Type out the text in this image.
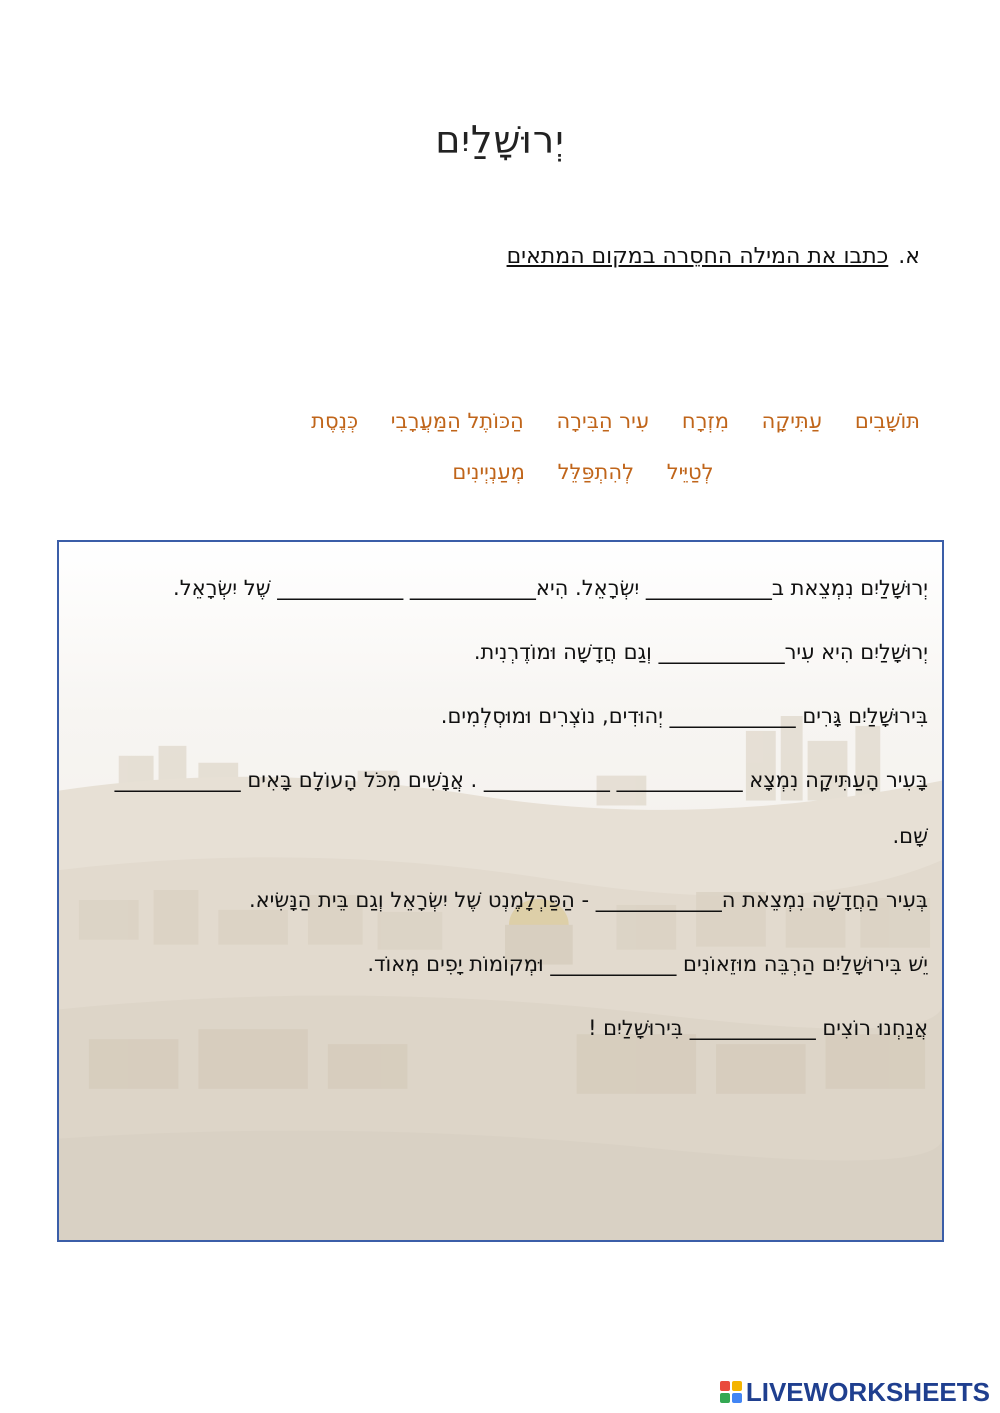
יְרוּשָׁלַיִם
א.כתבו את המילה החסֵרה במקום המתאים
תּוֹשָׁבִים עַתִּיקָה מִזְרָח עִיר הַבִּירָה הַכּוֹתֶל הַמַּעֲרָבִי כְּנֶסֶת
לְטַיֵּיל לְהִתְפַּלֵּל מְעַנְיְינִים

יְרוּשָׁלַיִם נִמְצֵאת ב____________ יִשְׂרָאֵל. הִיא____________ ____________ שֶׁל יִשְׂרָאֵל.

יְרוּשָׁלַיִם הִיא עִיר____________ וְגַם חֲדָשָׁה וּמוֹדֶרְנִית.

בִּירוּשָׁלַיִם גָּרִים ____________ יְהוּדִים, נוֹצְרִים וּמוּסְלְמִים.

בָּעִיר הָעַתִּיקָה נִמְצָא ____________ ____________ . אֲנָשִׁים מִכֹּל הָעוֹלָם בָּאִים ____________ שָׁם.

בְּעִיר הַחֲדָשָׁה נִמְצֵאת ה____________ - הַפַּרְלָמֶנְט שֶׁל יִשְׂרָאֵל וְגַם בֵּית הַנָּשִׂיא.

יֵשׁ בִּירוּשָׁלַיִם הַרְבֵּה מוּזֵאוֹנִים ____________ וּמְקוֹמוֹת יָפִים מְאוֹד.

אֲנַחְנוּ רוֹצִים ____________ בִּירוּשָׁלַיִם !

LIVEWORKSHEETS
